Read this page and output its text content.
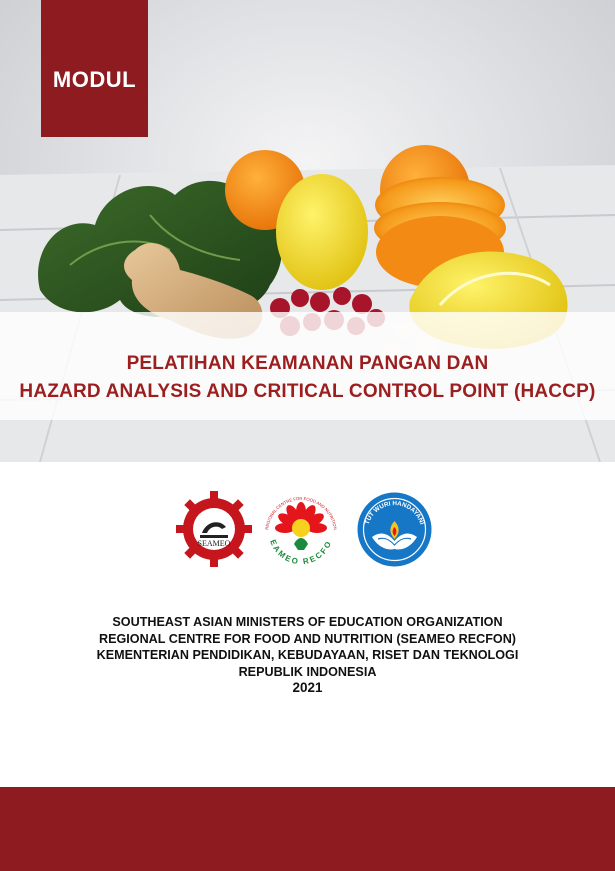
PELATIHAN KEAMANAN PANGAN DAN
HAZARD ANALYSIS AND CRITICAL CONTROL POINT (HACCP)
MODUL
SEAMEO
REGIONAL CENTRE FOR FOOD AND NUTRITION
EAMEO RECFO
TUT WURI HANDAYANI
SOUTHEAST ASIAN MINISTERS OF EDUCATION ORGANIZATION
REGIONAL CENTRE FOR FOOD AND NUTRITION (SEAMEO RECFON)
KEMENTERIAN PENDIDIKAN, KEBUDAYAAN, RISET DAN TEKNOLOGI
REPUBLIK INDONESIA
2021
